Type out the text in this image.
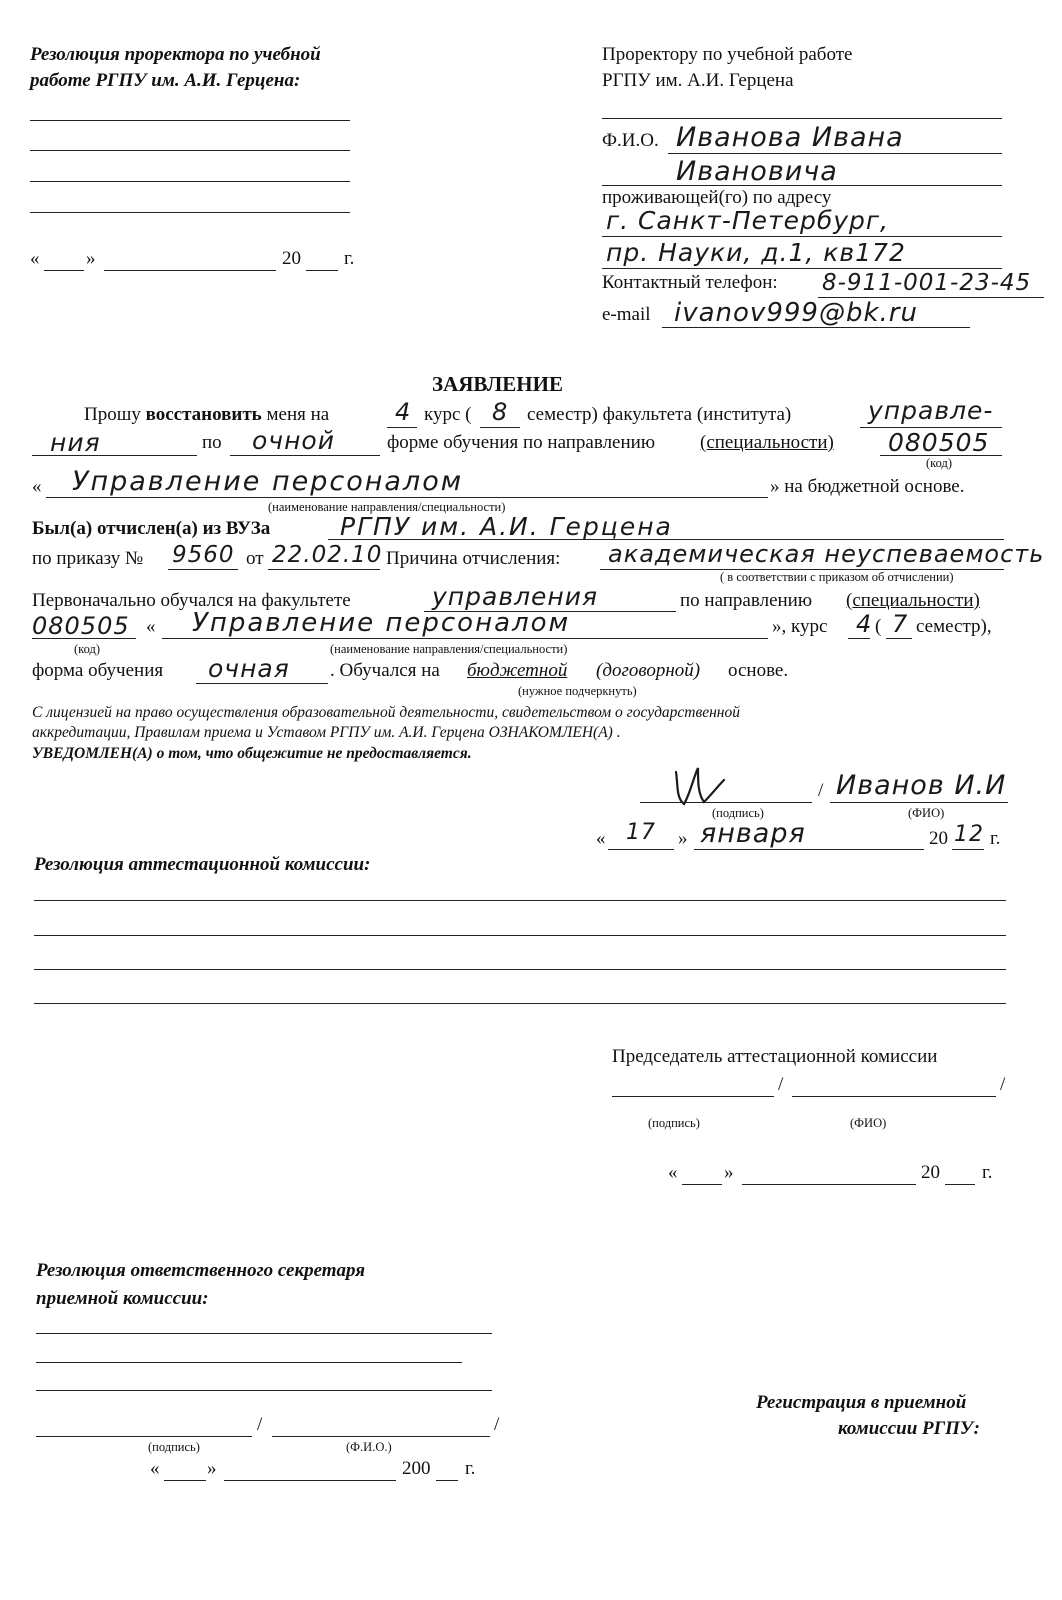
Резолюция проректора по учебной
работе РГПУ им. А.И. Герцена:
« »	20 г.
Проректору по учебной работе
РГПУ им. А.И. Герцена
Ф.И.О. Иванова Ивана
Ивановича
проживающей(го) по адресу
г. Санкт-Петербург,
пр. Науки, д.1, кв172
Контактный телефон: 8-911-001-23-45
e-mail ivanov999@bk.ru
ЗАЯВЛЕНИЕ
Прошу восстановить меня на	4 курс ( 8 семестр) факультета (института)	управле-
ния	по очной	форме обучения по направлению (специальности) 080505
(код)
« Управление персоналом	» на бюджетной основе.
(наименование направления/специальности)
Был(а) отчислен(а) из ВУЗа	РГПУ им. А.И. Герцена
по приказу № 9560 от 22.02.10 Причина отчисления: академическая неуспеваемость
( в соответствии с приказом об отчислении)
Первоначально обучался на факультете	управления	по направлению (специальности)
080505 « Управление персоналом	», курс 4 ( 7 семестр),
(код)	(наименование направления/специальности)
форма обучения очная . Обучался на бюджетной (договорной) основе.
(нужное подчеркнуть)
С лицензией на право осуществления образовательной деятельности, свидетельством о государственной
аккредитации, Правилам приема и Уставом РГПУ им. А.И. Герцена ОЗНАКОМЛЕН(А) .
УВЕДОМЛЕН(А) о том, что общежитие не предоставляется.
/ Иванов И.И
(подпись)	(ФИО)
« 17 » января	20 12 г.
Резолюция аттестационной комиссии:
Председатель аттестационной комиссии
/	/
(подпись)	(ФИО)
« »	20 г.
Резолюция ответственного секретаря
приемной комиссии:
/	/
(подпись)	(Ф.И.О.)
«	»	200 г.
Регистрация в приемной
комиссии РГПУ:
